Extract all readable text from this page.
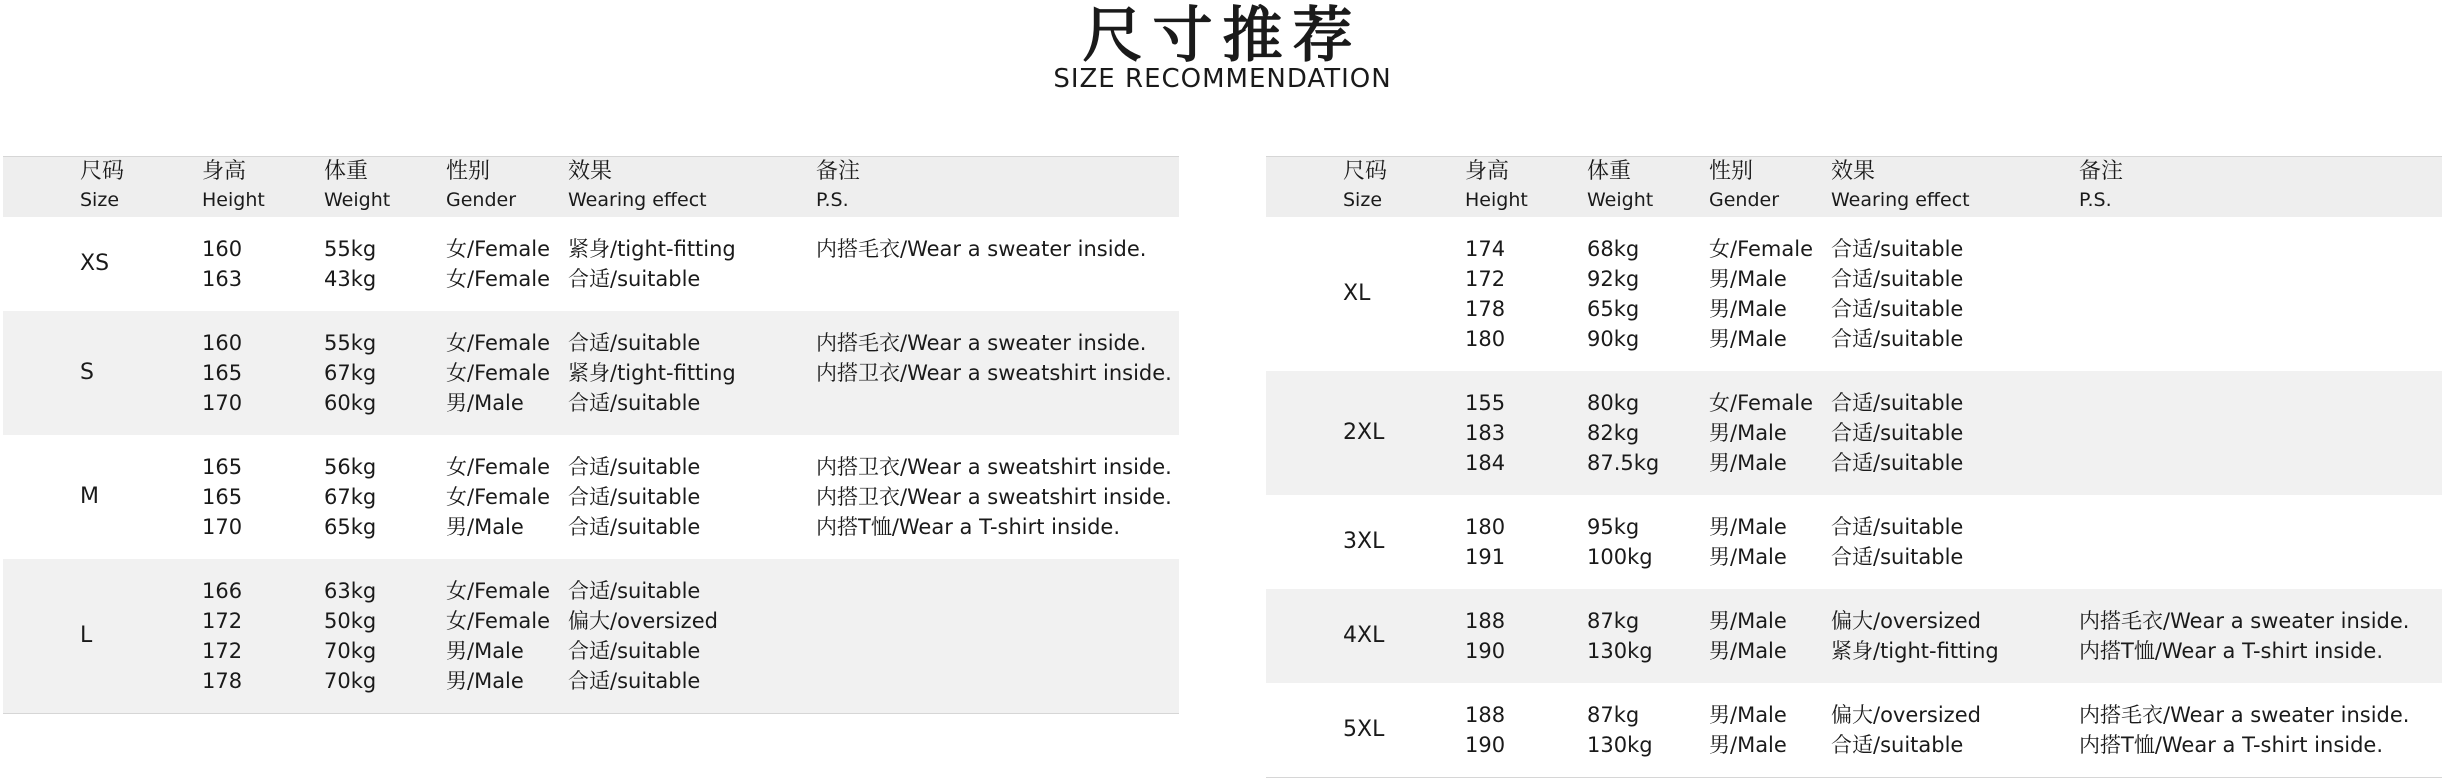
尺寸推荐
SIZE RECOMMENDATION
尺码
Size
身高
Height
体重
Weight
性别
Gender
效果
Wearing effect
备注
P.S.
XS
160
163
55kg
43kg
女/Female
女/Female
紧身/tight-fitting
合适/suitable
内搭毛衣/Wear a sweater inside.
S
160
165
170
55kg
67kg
60kg
女/Female
女/Female
男/Male
合适/suitable
紧身/tight-fitting
合适/suitable
内搭毛衣/Wear a sweater inside.
内搭卫衣/Wear a sweatshirt inside.
M
165
165
170
56kg
67kg
65kg
女/Female
女/Female
男/Male
合适/suitable
合适/suitable
合适/suitable
内搭卫衣/Wear a sweatshirt inside.
内搭卫衣/Wear a sweatshirt inside.
内搭T恤/Wear a T-shirt inside.
L
166
172
172
178
63kg
50kg
70kg
70kg
女/Female
女/Female
男/Male
男/Male
合适/suitable
偏大/oversized
合适/suitable
合适/suitable
尺码
Size
身高
Height
体重
Weight
性别
Gender
效果
Wearing effect
备注
P.S.
XL
174
172
178
180
68kg
92kg
65kg
90kg
女/Female
男/Male
男/Male
男/Male
合适/suitable
合适/suitable
合适/suitable
合适/suitable
2XL
155
183
184
80kg
82kg
87.5kg
女/Female
男/Male
男/Male
合适/suitable
合适/suitable
合适/suitable
3XL
180
191
95kg
100kg
男/Male
男/Male
合适/suitable
合适/suitable
4XL
188
190
87kg
130kg
男/Male
男/Male
偏大/oversized
紧身/tight-fitting
内搭毛衣/Wear a sweater inside.
内搭T恤/Wear a T-shirt inside.
5XL
188
190
87kg
130kg
男/Male
男/Male
偏大/oversized
合适/suitable
内搭毛衣/Wear a sweater inside.
内搭T恤/Wear a T-shirt inside.
